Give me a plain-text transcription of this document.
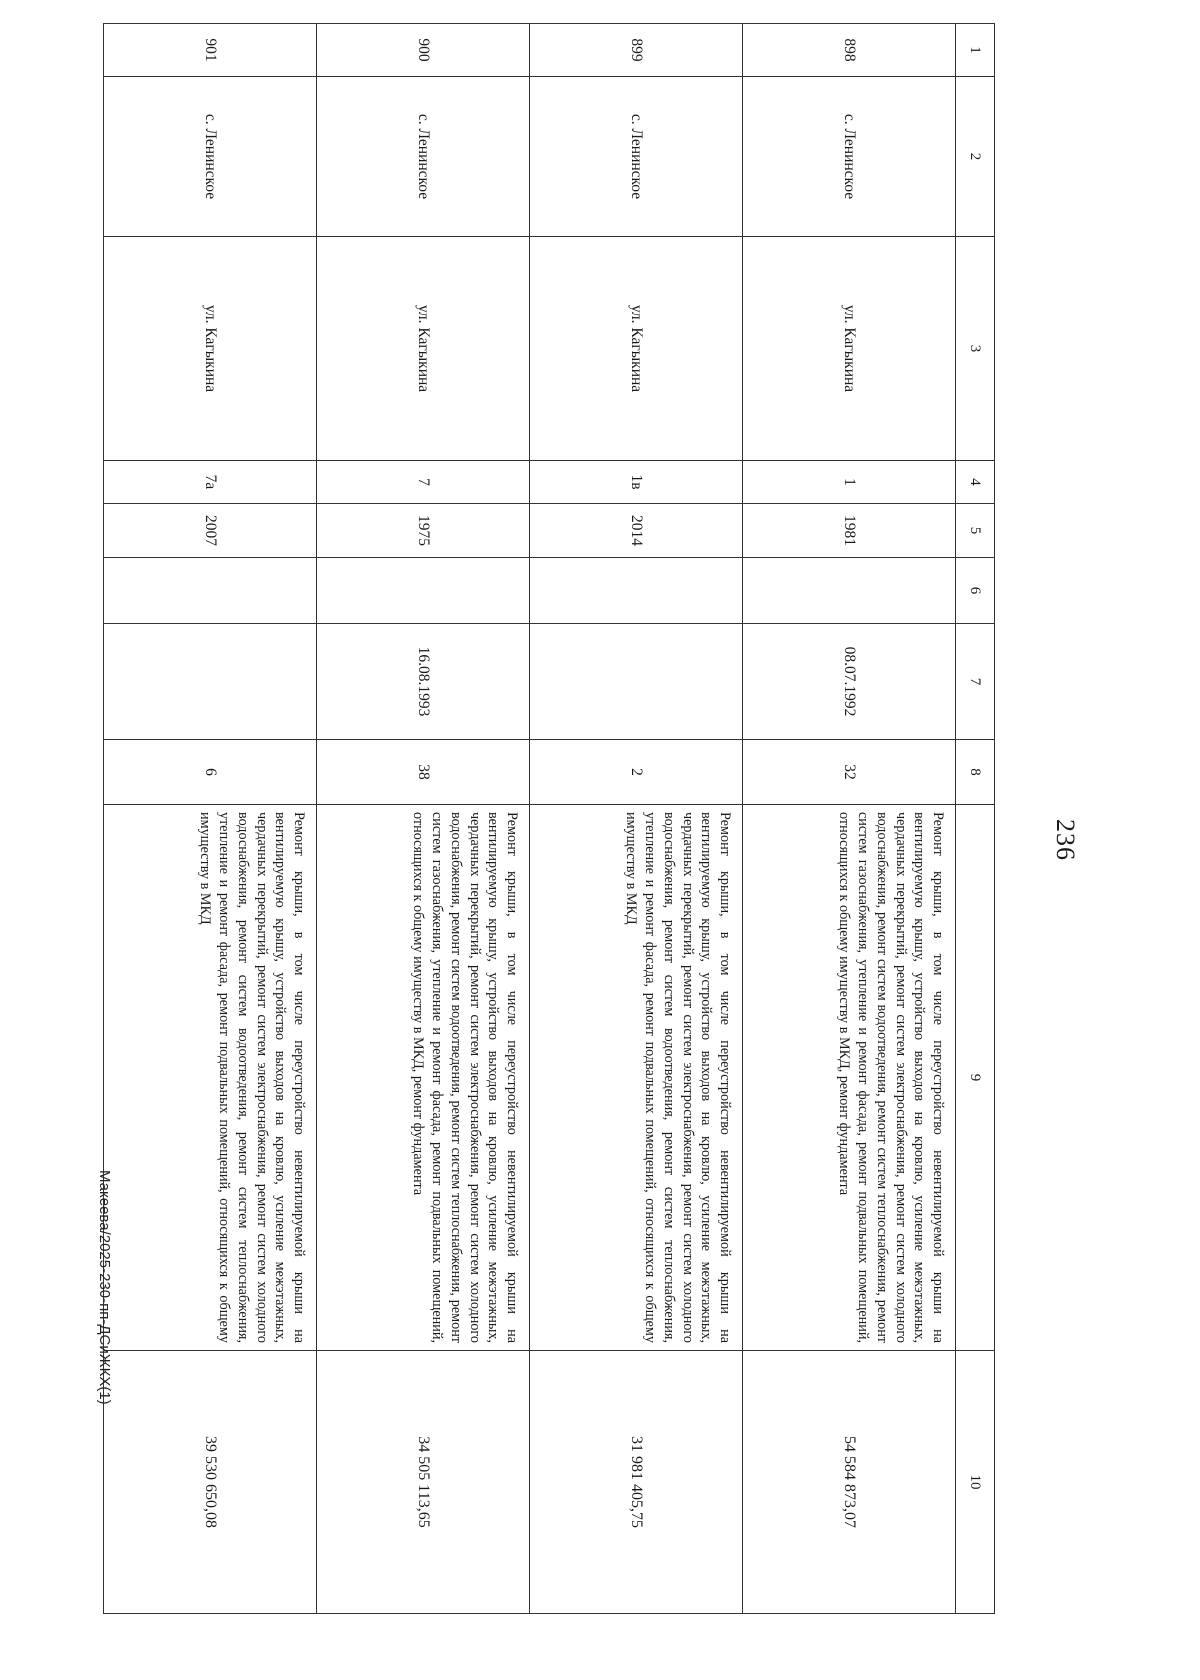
236
1	2	3	4	5	6	7	8	9	10
898	с. Ленинское	ул. Кагыкина	1	1981		08.07.1992	32	Ремонт крыши, в том числе переустройство невентилируемой крыши на вентилируемую крышу, устройство выходов на кровлю, усиление межэтажных, чердачных перекрытий, ремонт систем электроснабжения, ремонт систем холодного водоснабжения, ремонт систем водоотведения, ремонт систем теплоснабжения, ремонт систем газоснабжения, утепление и ремонт фасада, ремонт подвальных помещений, относящихся к общему имуществу в МКД, ремонт фундамента	54 584 873,07
899	с. Ленинское	ул. Кагыкина	1в	2014			2	Ремонт крыши, в том числе переустройство невентилируемой крыши на вентилируемую крышу, устройство выходов на кровлю, усиление межэтажных, чердачных перекрытий, ремонт систем электроснабжения, ремонт систем холодного водоснабжения, ремонт систем водоотведения, ремонт систем теплоснабжения, утепление и ремонт фасада, ремонт подвальных помещений, относящихся к общему имуществу в МКД	31 981 405,75
900	с. Ленинское	ул. Кагыкина	7	1975		16.08.1993	38	Ремонт крыши, в том числе переустройство невентилируемой крыши на вентилируемую крышу, устройство выходов на кровлю, усиление межэтажных, чердачных перекрытий, ремонт систем электроснабжения, ремонт систем холодного водоснабжения, ремонт систем водоотведения, ремонт систем теплоснабжения, ремонт систем газоснабжения, утепление и ремонт фасада, ремонт подвальных помещений, относящихся к общему имуществу в МКД, ремонт фундамента	34 505 113,65
901	с. Ленинское	ул. Кагыкина	7а	2007			6	Ремонт крыши, в том числе переустройство невентилируемой крыши на вентилируемую крышу, устройство выходов на кровлю, усиление межэтажных, чердачных перекрытий, ремонт систем электроснабжения, ремонт систем холодного водоснабжения, ремонт систем водоотведения, ремонт систем теплоснабжения, утепление и ремонт фасада, ремонт подвальных помещений, относящихся к общему имуществу в МКД	39 530 650,08
Макеева/2025-230-пп-ДСиЖКХ(1)
